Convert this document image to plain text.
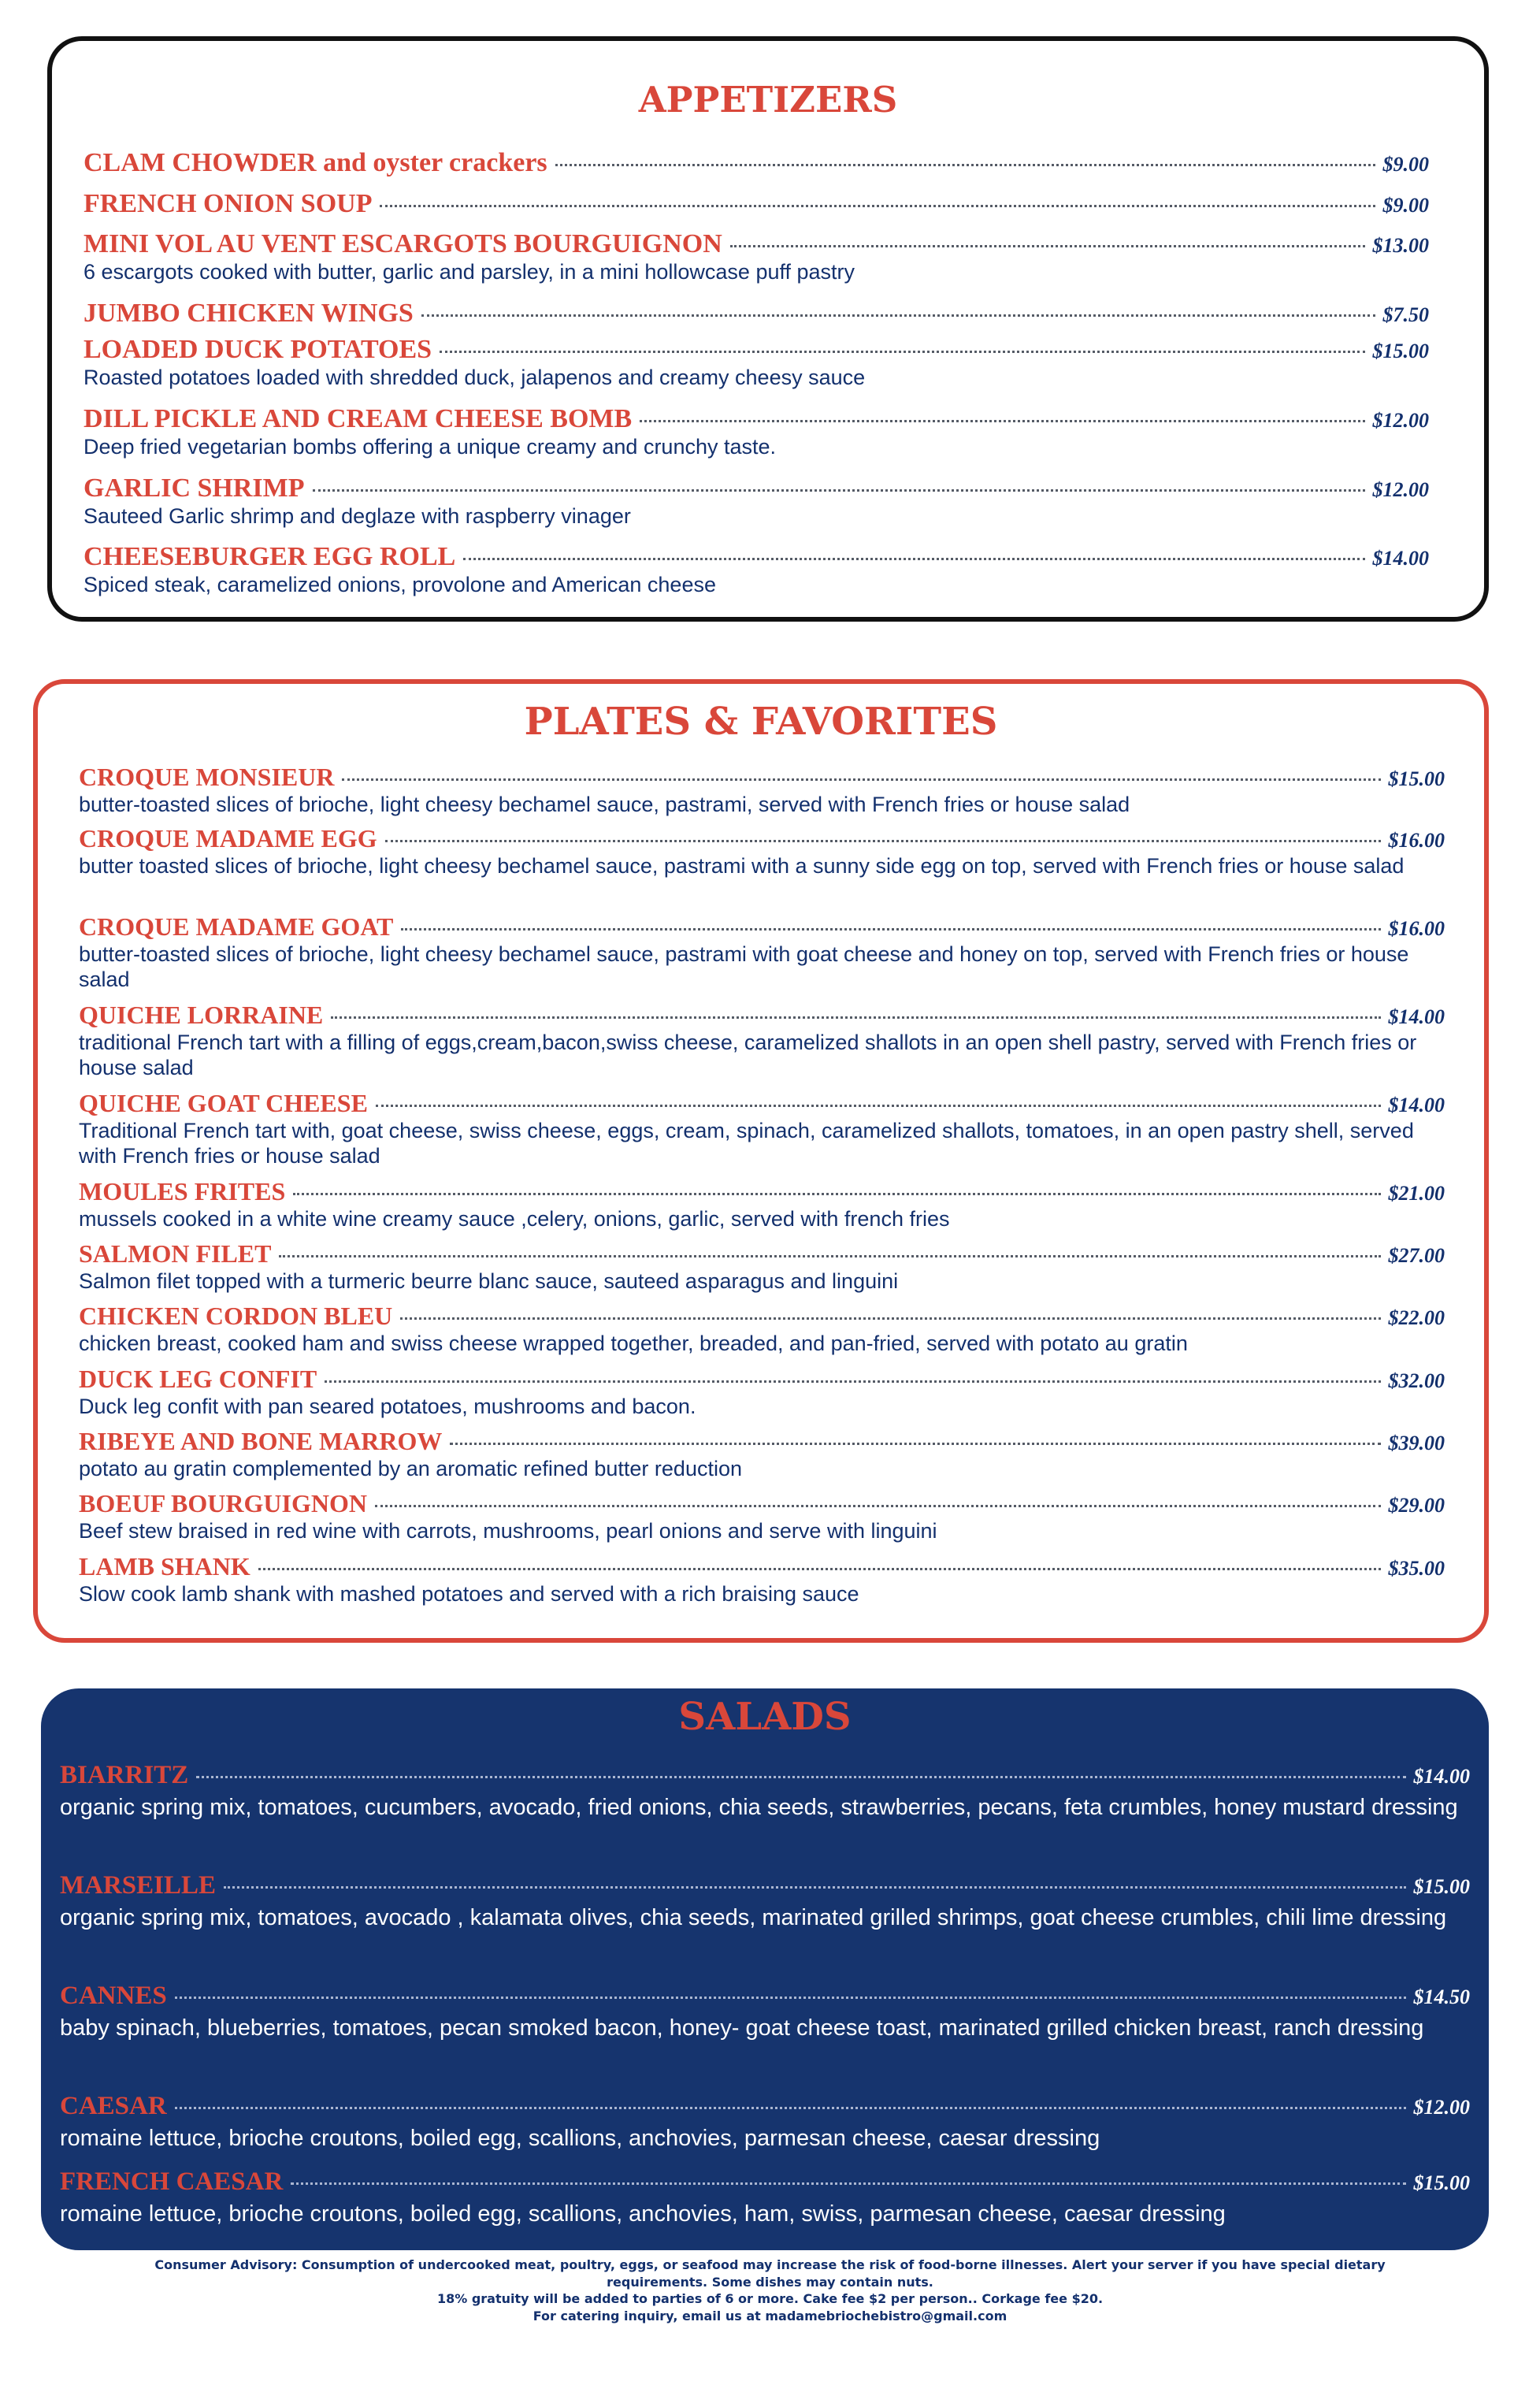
APPETIZERS
CLAM CHOWDER and oyster crackers	$9.00
FRENCH ONION SOUP	$9.00
MINI VOL AU VENT ESCARGOTS BOURGUIGNON	$13.00
6 escargots cooked with butter, garlic and parsley, in a mini hollowcase puff pastry
JUMBO CHICKEN WINGS	$7.50
LOADED DUCK POTATOES	$15.00
Roasted potatoes loaded with shredded duck, jalapenos and creamy cheesy sauce
DILL PICKLE AND CREAM CHEESE BOMB	$12.00
Deep fried vegetarian bombs offering a unique creamy and crunchy taste.
GARLIC SHRIMP	$12.00
Sauteed Garlic shrimp and deglaze with raspberry vinager
CHEESEBURGER EGG ROLL	$14.00
Spiced steak, caramelized onions, provolone and American cheese
PLATES & FAVORITES
CROQUE MONSIEUR	$15.00
butter-toasted slices of brioche, light cheesy bechamel sauce, pastrami, served with French fries or house salad
CROQUE MADAME EGG	$16.00
butter toasted slices of brioche, light cheesy bechamel sauce, pastrami with a sunny side egg on top, served with French fries or house salad
CROQUE MADAME GOAT	$16.00
butter-toasted slices of brioche, light cheesy bechamel sauce, pastrami with goat cheese and honey on top, served with French fries or house salad
QUICHE LORRAINE	$14.00
traditional French tart with a filling of eggs,cream,bacon,swiss cheese, caramelized shallots in an open shell pastry, served with French fries or house salad
QUICHE GOAT CHEESE	$14.00
Traditional French tart with, goat cheese, swiss cheese, eggs, cream, spinach, caramelized shallots, tomatoes, in an open pastry shell, served with French fries or house salad
MOULES FRITES	$21.00
mussels cooked in a white wine creamy sauce ,celery, onions, garlic, served with french fries
SALMON FILET	$27.00
Salmon filet topped with a turmeric beurre blanc sauce, sauteed asparagus and linguini
CHICKEN CORDON BLEU	$22.00
chicken breast, cooked ham and swiss cheese wrapped together, breaded, and pan-fried, served with potato au gratin
DUCK LEG CONFIT	$32.00
Duck leg confit with pan seared potatoes, mushrooms and bacon.
RIBEYE AND BONE MARROW	$39.00
potato au gratin complemented by an aromatic refined butter reduction
BOEUF BOURGUIGNON	$29.00
Beef stew braised in red wine with carrots, mushrooms, pearl onions and serve with linguini
LAMB SHANK	$35.00
Slow cook lamb shank with mashed potatoes and served with a rich braising sauce
SALADS
BIARRITZ	$14.00
organic spring mix, tomatoes, cucumbers, avocado, fried onions, chia seeds, strawberries, pecans, feta crumbles, honey mustard dressing
MARSEILLE	$15.00
organic spring mix, tomatoes, avocado , kalamata olives, chia seeds, marinated grilled shrimps, goat cheese crumbles, chili lime dressing
CANNES	$14.50
baby spinach, blueberries, tomatoes, pecan smoked bacon, honey- goat cheese toast, marinated grilled chicken breast, ranch dressing
CAESAR	$12.00
romaine lettuce, brioche croutons, boiled egg, scallions, anchovies, parmesan cheese, caesar dressing
FRENCH CAESAR	$15.00
romaine lettuce, brioche croutons, boiled egg, scallions, anchovies, ham, swiss, parmesan cheese, caesar dressing

Consumer Advisory: Consumption of undercooked meat, poultry, eggs, or seafood may increase the risk of food-borne illnesses. Alert your server if you have special dietary requirements. Some dishes may contain nuts.

18% gratuity will be added to parties of 6 or more. Cake fee $2 per person.. Corkage fee $20.

For catering inquiry, email us at madamebriochebistro@gmail.com
